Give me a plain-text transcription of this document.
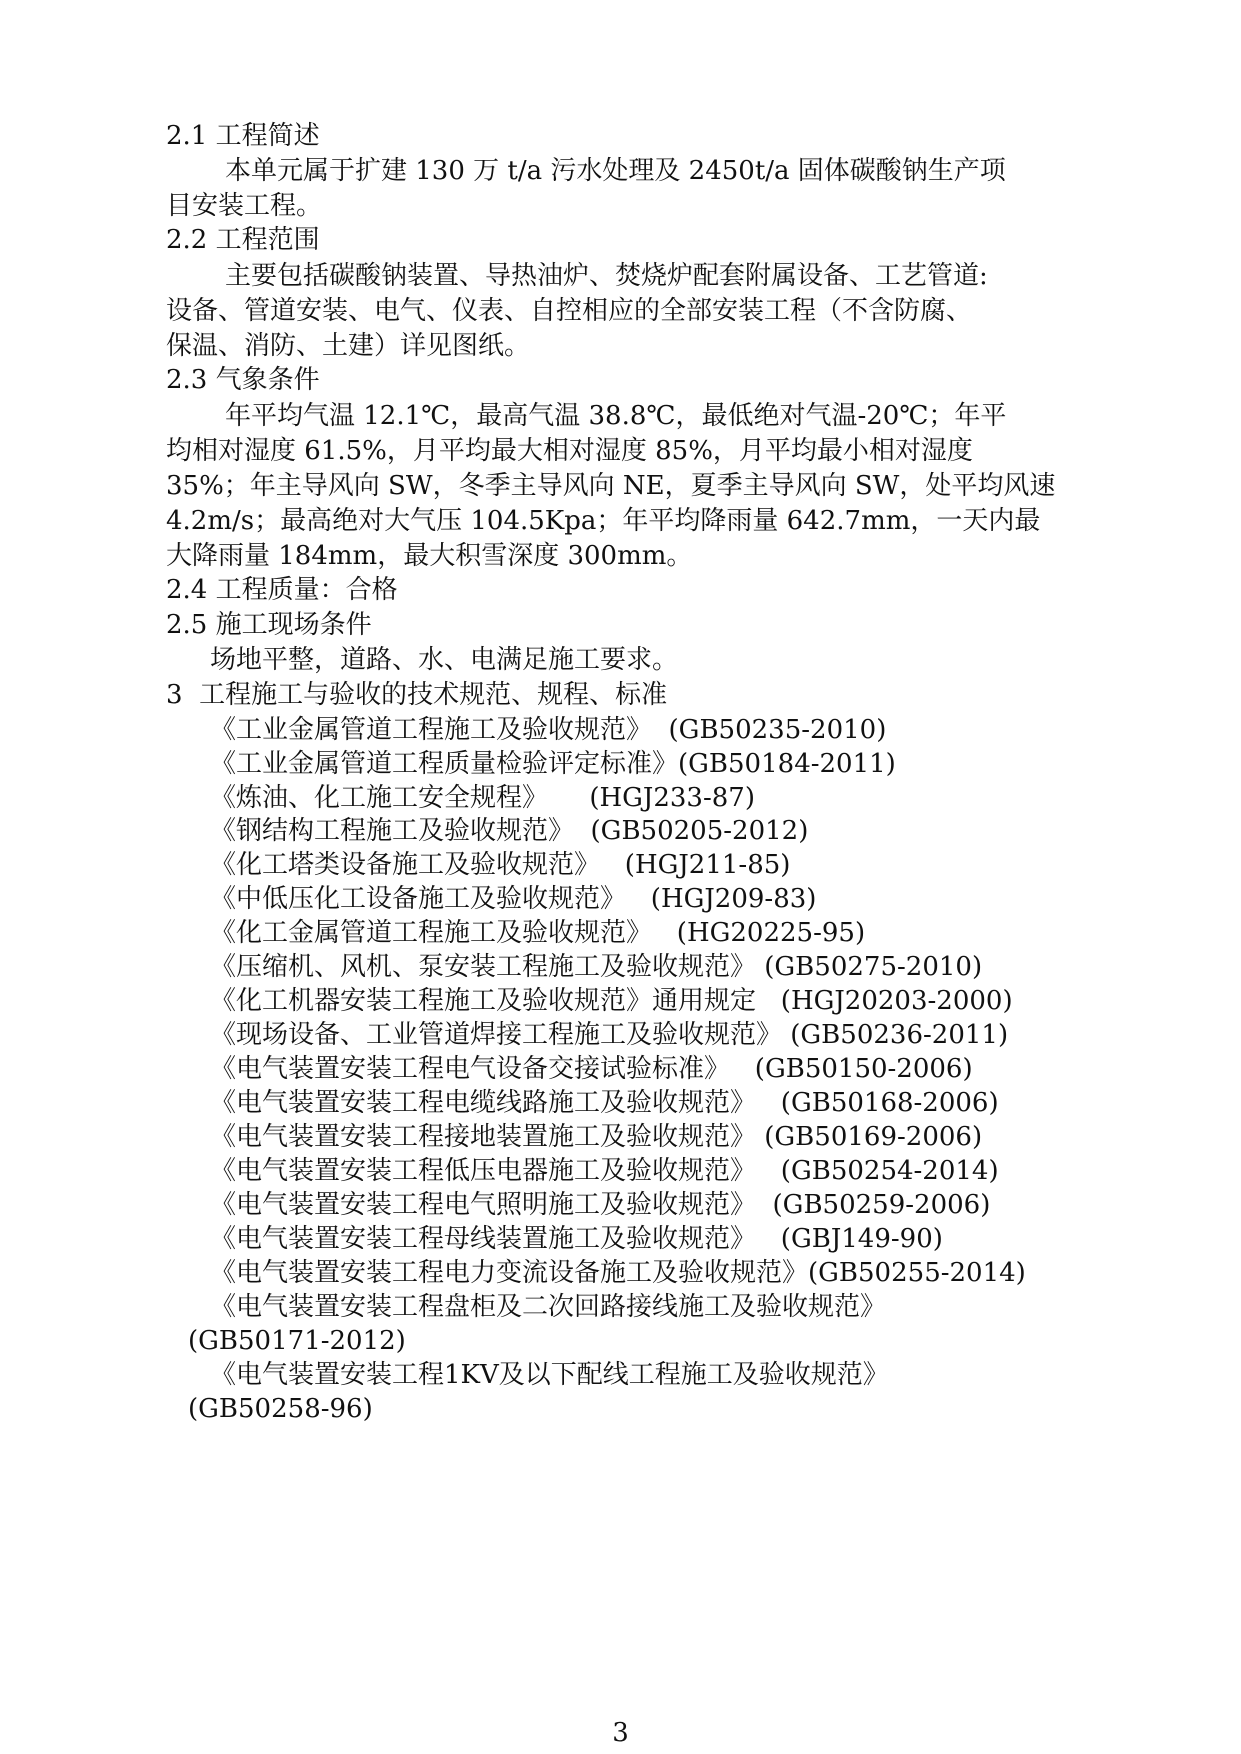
2.1 工程简述
本单元属于扩建 130 万 t/a 污水处理及 2450t/a 固体碳酸钠生产项
目安装工程。
2.2 工程范围
主要包括碳酸钠装置、导热油炉、焚烧炉配套附属设备、工艺管道:
设备、管道安装、电气、仪表、自控相应的全部安装工程（不含防腐、
保温、消防、土建）详见图纸。
2.3 气象条件
年平均气温 12.1℃，最高气温 38.8℃，最低绝对气温-20℃；年平
均相对湿度 61.5%，月平均最大相对湿度 85%，月平均最小相对湿度
35%；年主导风向 SW，冬季主导风向 NE，夏季主导风向 SW，处平均风速
4.2m/s；最高绝对大气压 104.5Kpa；年平均降雨量 642.7mm，一天内最
大降雨量 184mm，最大积雪深度 300mm。
2.4 工程质量：合格
2.5 施工现场条件
场地平整，道路、水、电满足施工要求。
3  工程施工与验收的技术规范、规程、标准
《工业金属管道工程施工及验收规范》  (GB50235-2010)
《工业金属管道工程质量检验评定标准》(GB50184-2011)
《炼油、化工施工安全规程》     (HGJ233-87)
《钢结构工程施工及验收规范》  (GB50205-2012)
《化工塔类设备施工及验收规范》   (HGJ211-85)
《中低压化工设备施工及验收规范》   (HGJ209-83)
《化工金属管道工程施工及验收规范》   (HG20225-95)
《压缩机、风机、泵安装工程施工及验收规范》 (GB50275-2010)
《化工机器安装工程施工及验收规范》通用规定   (HGJ20203-2000)
《现场设备、工业管道焊接工程施工及验收规范》 (GB50236-2011)
《电气装置安装工程电气设备交接试验标准》   (GB50150-2006)
《电气装置安装工程电缆线路施工及验收规范》   (GB50168-2006)
《电气装置安装工程接地装置施工及验收规范》 (GB50169-2006)
《电气装置安装工程低压电器施工及验收规范》   (GB50254-2014)
《电气装置安装工程电气照明施工及验收规范》  (GB50259-2006)
《电气装置安装工程母线装置施工及验收规范》   (GBJ149-90)
《电气装置安装工程电力变流设备施工及验收规范》(GB50255-2014)
《电气装置安装工程盘柜及二次回路接线施工及验收规范》
(GB50171-2012)
《电气装置安装工程1KV及以下配线工程施工及验收规范》
(GB50258-96)
3
